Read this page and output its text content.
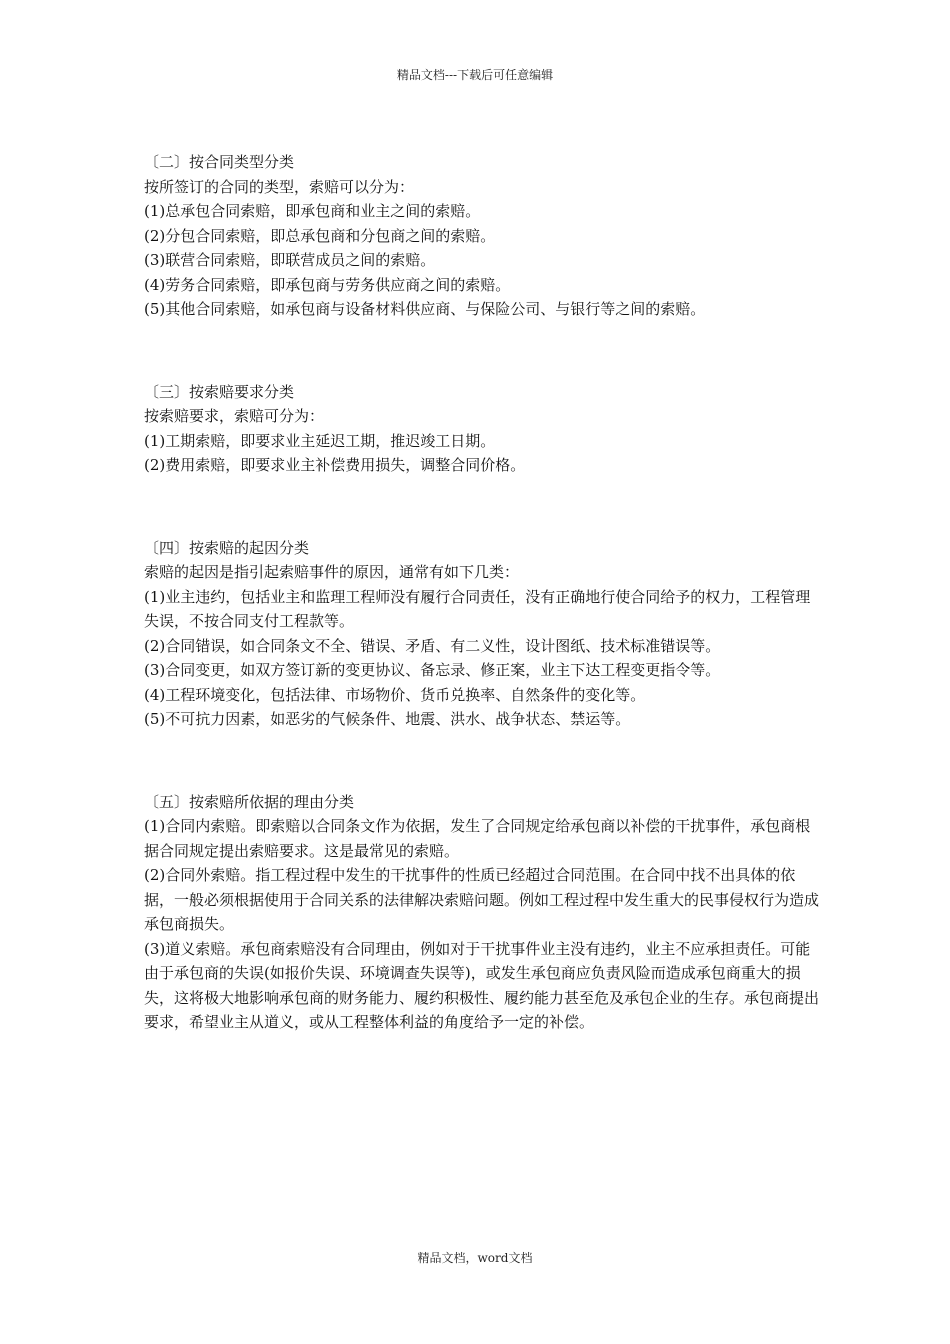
精品文档---下载后可任意编辑
〔二〕按合同类型分类
按所签订的合同的类型，索赔可以分为：
(1)总承包合同索赔，即承包商和业主之间的索赔。
(2)分包合同索赔，即总承包商和分包商之间的索赔。
(3)联营合同索赔，即联营成员之间的索赔。
(4)劳务合同索赔，即承包商与劳务供应商之间的索赔。
(5)其他合同索赔，如承包商与设备材料供应商、与保险公司、与银行等之间的索赔。
〔三〕按索赔要求分类
按索赔要求，索赔可分为：
(1)工期索赔，即要求业主延迟工期，推迟竣工日期。
(2)费用索赔，即要求业主补偿费用损失，调整合同价格。
〔四〕按索赔的起因分类
索赔的起因是指引起索赔事件的原因，通常有如下几类：
(1)业主违约，包括业主和监理工程师没有履行合同责任，没有正确地行使合同给予的权力，工程管理失误，不按合同支付工程款等。
(2)合同错误，如合同条文不全、错误、矛盾、有二义性，设计图纸、技术标准错误等。
(3)合同变更，如双方签订新的变更协议、备忘录、修正案，业主下达工程变更指令等。
(4)工程环境变化，包括法律、市场物价、货币兑换率、自然条件的变化等。
(5)不可抗力因素，如恶劣的气候条件、地震、洪水、战争状态、禁运等。
〔五〕按索赔所依据的理由分类
(1)合同内索赔。即索赔以合同条文作为依据，发生了合同规定给承包商以补偿的干扰事件，承包商根据合同规定提出索赔要求。这是最常见的索赔。
(2)合同外索赔。指工程过程中发生的干扰事件的性质已经超过合同范围。在合同中找不出具体的依据，一般必须根据使用于合同关系的法律解决索赔问题。例如工程过程中发生重大的民事侵权行为造成承包商损失。
(3)道义索赔。承包商索赔没有合同理由，例如对于干扰事件业主没有违约，业主不应承担责任。可能由于承包商的失误(如报价失误、环境调查失误等)，或发生承包商应负责风险而造成承包商重大的损失，这将极大地影响承包商的财务能力、履约积极性、履约能力甚至危及承包企业的生存。承包商提出要求，希望业主从道义，或从工程整体利益的角度给予一定的补偿。
精品文档，word文档
